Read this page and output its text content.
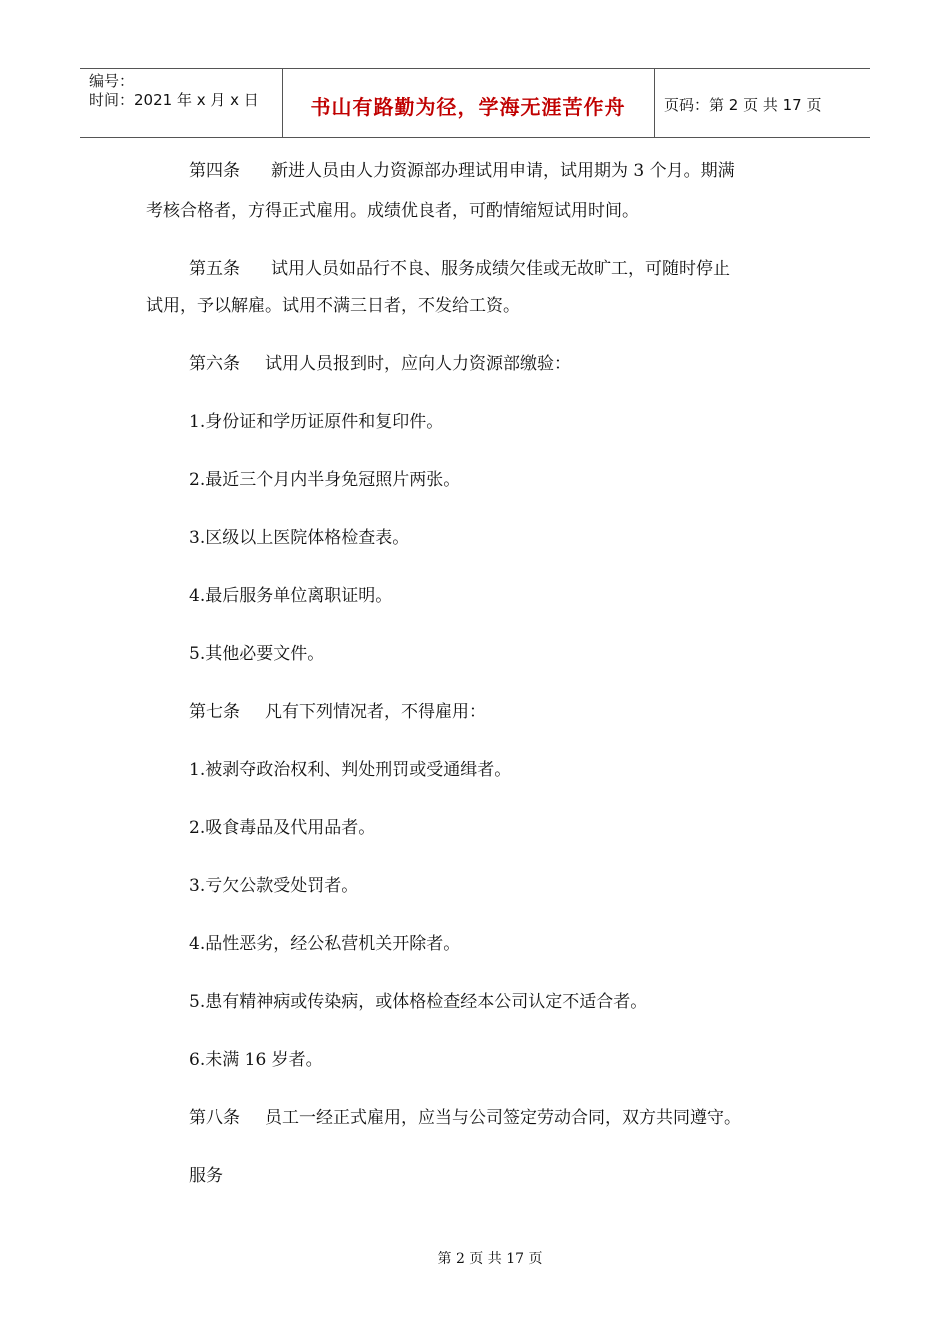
编号：
时间：2021 年 x 月 x 日	书山有路勤为径，学海无涯苦作舟	页码：第 2 页 共 17 页
第四条 新进人员由人力资源部办理试用申请，试用期为 3 个月。期满
考核合格者，方得正式雇用。成绩优良者，可酌情缩短试用时间。
第五条 试用人员如品行不良、服务成绩欠佳或无故旷工，可随时停止
试用，予以解雇。试用不满三日者，不发给工资。
第六条 试用人员报到时，应向人力资源部缴验：
1.身份证和学历证原件和复印件。
2.最近三个月内半身免冠照片两张。
3.区级以上医院体格检查表。
4.最后服务单位离职证明。
5.其他必要文件。
第七条 凡有下列情况者，不得雇用：
1.被剥夺政治权利、判处刑罚或受通缉者。
2.吸食毒品及代用品者。
3.亏欠公款受处罚者。
4.品性恶劣，经公私营机关开除者。
5.患有精神病或传染病，或体格检查经本公司认定不适合者。
6.未满 16 岁者。
第八条 员工一经正式雇用，应当与公司签定劳动合同，双方共同遵守。
服务
第 2 页 共 17 页
